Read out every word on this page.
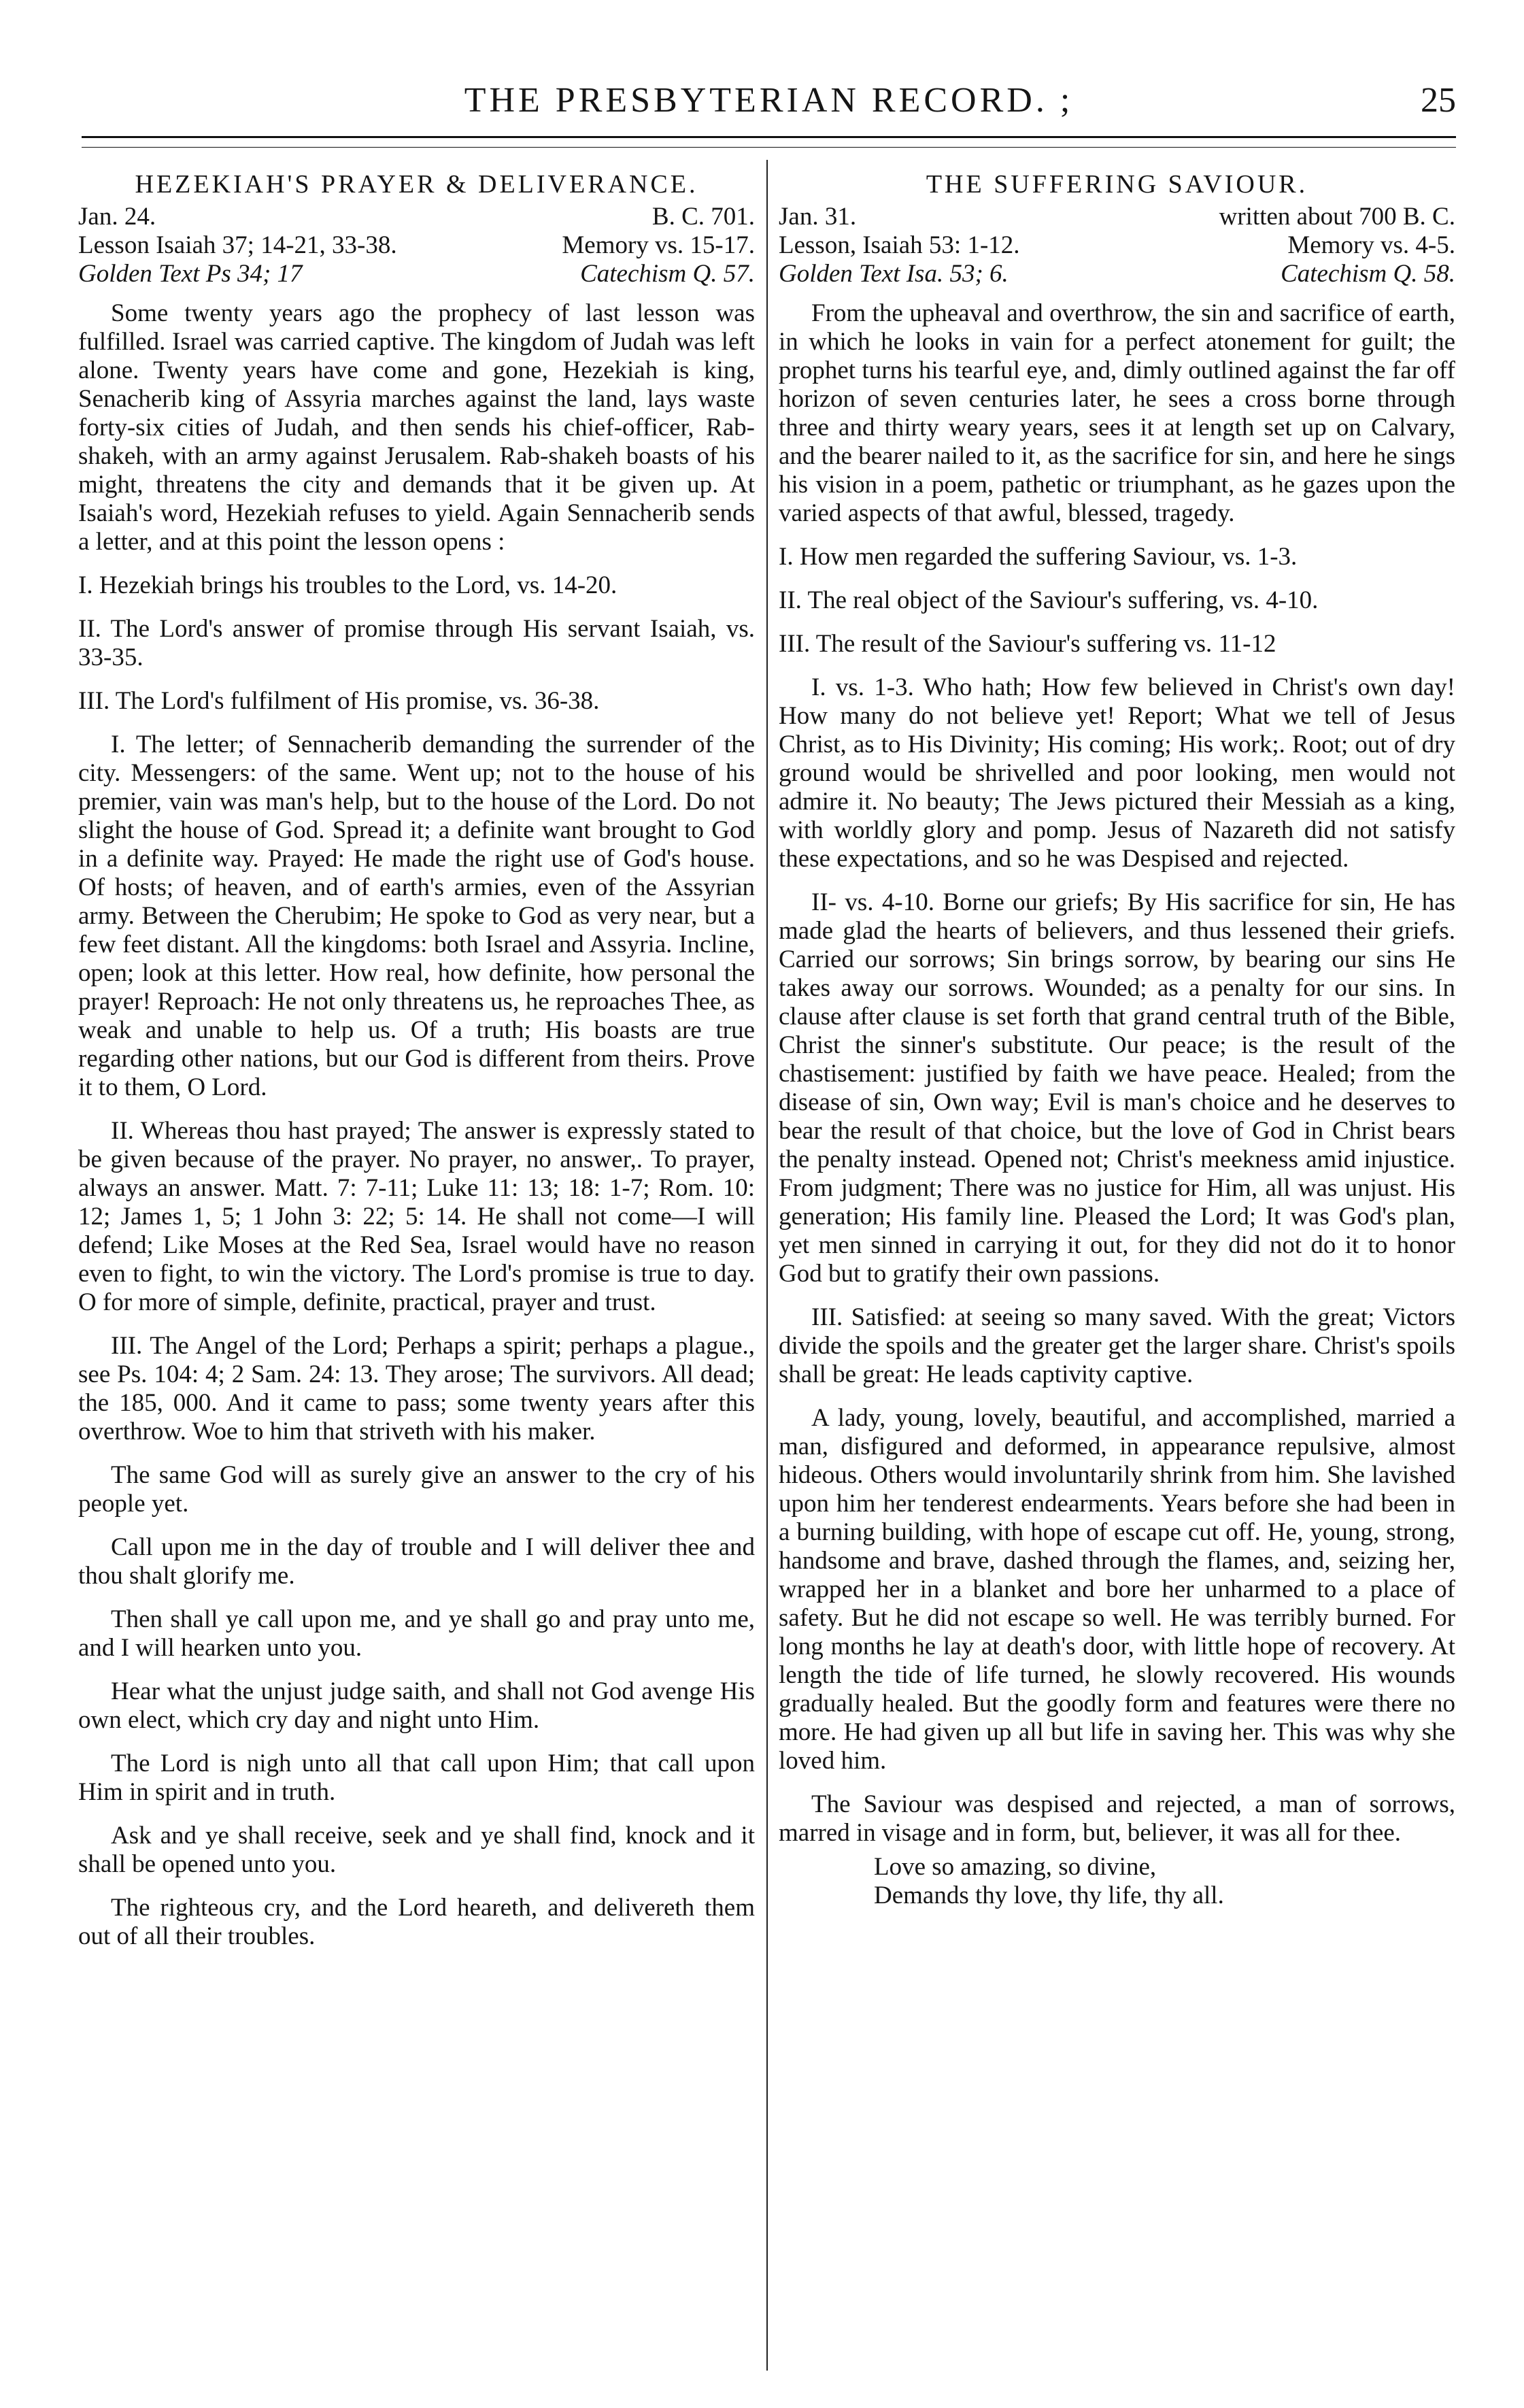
THE PRESBYTERIAN RECORD. ;	25
HEZEKIAH'S PRAYER & DELIVERANCE.
Jan. 24.	B. C. 701.
Lesson Isaiah 37; 14-21, 33-38.	Memory vs. 15-17.
Golden Text Ps 34; 17	Catechism Q. 57.

Some twenty years ago the prophecy of last lesson was fulfilled. Israel was carried captive. The kingdom of Judah was left alone. Twenty years have come and gone, Hezekiah is king, Senacherib king of Assyria marches against the land, lays waste forty-six cities of Judah, and then sends his chief-officer, Rab-shakeh, with an army against Jerusalem. Rab-shakeh boasts of his might, threatens the city and demands that it be given up. At Isaiah's word, Hezekiah refuses to yield. Again Sennacherib sends a letter, and at this point the lesson opens :

I. Hezekiah brings his troubles to the Lord, vs. 14-20.

II. The Lord's answer of promise through His servant Isaiah, vs. 33-35.

III. The Lord's fulfilment of His promise, vs. 36-38.

I. The letter; of Sennacherib demanding the surrender of the city. Messengers: of the same. Went up; not to the house of his premier, vain was man's help, but to the house of the Lord. Do not slight the house of God. Spread it; a definite want brought to God in a definite way. Prayed: He made the right use of God's house. Of hosts; of heaven, and of earth's armies, even of the Assyrian army. Between the Cherubim; He spoke to God as very near, but a few feet distant. All the kingdoms: both Israel and Assyria. Incline, open; look at this letter. How real, how definite, how personal the prayer! Reproach: He not only threatens us, he reproaches Thee, as weak and unable to help us. Of a truth; His boasts are true regarding other nations, but our God is different from theirs. Prove it to them, O Lord.

II. Whereas thou hast prayed; The answer is expressly stated to be given because of the prayer. No prayer, no answer,. To prayer, always an answer. Matt. 7: 7-11; Luke 11: 13; 18: 1-7; Rom. 10: 12; James 1, 5; 1 John 3: 22; 5: 14. He shall not come—I will defend; Like Moses at the Red Sea, Israel would have no reason even to fight, to win the victory. The Lord's promise is true to day. O for more of simple, definite, practical, prayer and trust.

III. The Angel of the Lord; Perhaps a spirit; perhaps a plague., see Ps. 104: 4; 2 Sam. 24: 13. They arose; The survivors. All dead; the 185, 000. And it came to pass; some twenty years after this overthrow. Woe to him that striveth with his maker.

The same God will as surely give an answer to the cry of his people yet.

Call upon me in the day of trouble and I will deliver thee and thou shalt glorify me.

Then shall ye call upon me, and ye shall go and pray unto me, and I will hearken unto you.

Hear what the unjust judge saith, and shall not God avenge His own elect, which cry day and night unto Him.

The Lord is nigh unto all that call upon Him; that call upon Him in spirit and in truth.

Ask and ye shall receive, seek and ye shall find, knock and it shall be opened unto you.

The righteous cry, and the Lord heareth, and delivereth them out of all their troubles.

THE SUFFERING SAVIOUR.
Jan. 31.	written about 700 B. C.
Lesson, Isaiah 53: 1-12.	Memory vs. 4-5.
Golden Text Isa. 53; 6.	Catechism Q. 58.

From the upheaval and overthrow, the sin and sacrifice of earth, in which he looks in vain for a perfect atonement for guilt; the prophet turns his tearful eye, and, dimly outlined against the far off horizon of seven centuries later, he sees a cross borne through three and thirty weary years, sees it at length set up on Calvary, and the bearer nailed to it, as the sacrifice for sin, and here he sings his vision in a poem, pathetic or triumphant, as he gazes upon the varied aspects of that awful, blessed, tragedy.

I. How men regarded the suffering Saviour, vs. 1-3.

II. The real object of the Saviour's suffering, vs. 4-10.

III. The result of the Saviour's suffering vs. 11-12

I. vs. 1-3. Who hath; How few believed in Christ's own day! How many do not believe yet! Report; What we tell of Jesus Christ, as to His Divinity; His coming; His work;. Root; out of dry ground would be shrivelled and poor looking, men would not admire it. No beauty; The Jews pictured their Messiah as a king, with worldly glory and pomp. Jesus of Nazareth did not satisfy these expectations, and so he was Despised and rejected.

II- vs. 4-10. Borne our griefs; By His sacrifice for sin, He has made glad the hearts of believers, and thus lessened their griefs. Carried our sorrows; Sin brings sorrow, by bearing our sins He takes away our sorrows. Wounded; as a penalty for our sins. In clause after clause is set forth that grand central truth of the Bible, Christ the sinner's substitute. Our peace; is the result of the chastisement: justified by faith we have peace. Healed; from the disease of sin, Own way; Evil is man's choice and he deserves to bear the result of that choice, but the love of God in Christ bears the penalty instead. Opened not; Christ's meekness amid injustice. From judgment; There was no justice for Him, all was unjust. His generation; His family line. Pleased the Lord; It was God's plan, yet men sinned in carrying it out, for they did not do it to honor God but to gratify their own passions.

III. Satisfied: at seeing so many saved. With the great; Victors divide the spoils and the greater get the larger share. Christ's spoils shall be great: He leads captivity captive.

A lady, young, lovely, beautiful, and accomplished, married a man, disfigured and deformed, in appearance repulsive, almost hideous. Others would involuntarily shrink from him. She lavished upon him her tenderest endearments. Years before she had been in a burning building, with hope of escape cut off. He, young, strong, handsome and brave, dashed through the flames, and, seizing her, wrapped her in a blanket and bore her unharmed to a place of safety. But he did not escape so well. He was terribly burned. For long months he lay at death's door, with little hope of recovery. At length the tide of life turned, he slowly recovered. His wounds gradually healed. But the goodly form and features were there no more. He had given up all but life in saving her. This was why she loved him.

The Saviour was despised and rejected, a man of sorrows, marred in visage and in form, but, believer, it was all for thee.

Love so amazing, so divine,
Demands thy love, thy life, thy all.
